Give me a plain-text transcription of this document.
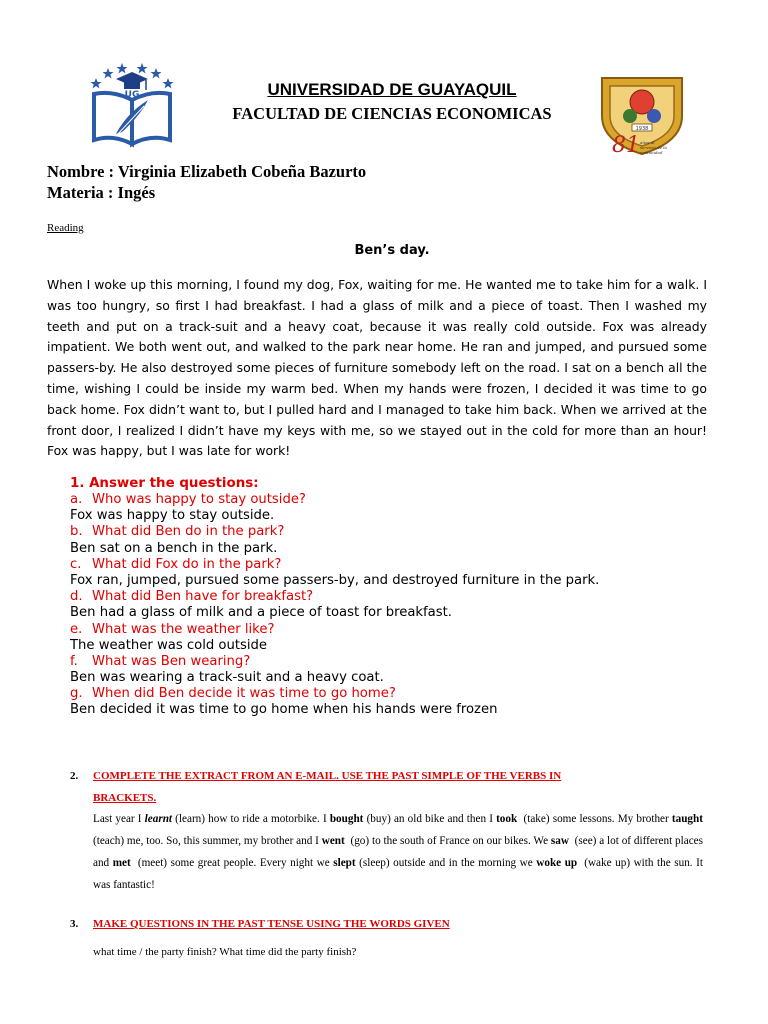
UG	UNIVERSIDAD DE GUAYAQUIL
FACULTAD DE CIENCIAS ECONOMICAS
1938
81 años al
servicio de la
comunidad
Nombre : Virginia Elizabeth Cobeña Bazurto
Materia : Ingés
Reading
Ben’s day.
When I woke up this morning, I found my dog, Fox, waiting for me. He wanted me to take him for a walk. I was too hungry, so first I had breakfast. I had a glass of milk and a piece of toast. Then I washed my teeth and put on a track-suit and a heavy coat, because it was really cold outside. Fox was already impatient. We both went out, and walked to the park near home. He ran and jumped, and pursued some passers-by. He also destroyed some pieces of furniture somebody left on the road. I sat on a bench all the time, wishing I could be inside my warm bed. When my hands were frozen, I decided it was time to go back home. Fox didn’t want to, but I pulled hard and I managed to take him back. When we arrived at the front door, I realized I didn’t have my keys with me, so we stayed out in the cold for more than an hour! Fox was happy, but I was late for work!
1. Answer the questions:
a. Who was happy to stay outside?
Fox was happy to stay outside.
b. What did Ben do in the park?
Ben sat on a bench in the park.
c. What did Fox do in the park?
Fox ran, jumped, pursued some passers-by, and destroyed furniture in the park.
d. What did Ben have for breakfast?
Ben had a glass of milk and a piece of toast for breakfast.
e. What was the weather like?
The weather was cold outside
f. What was Ben wearing?
Ben was wearing a track-suit and a heavy coat.
g. When did Ben decide it was time to go home?
Ben decided it was time to go home when his hands were frozen
2. COMPLETE THE EXTRACT FROM AN E-MAIL. USE THE PAST SIMPLE OF THE VERBS IN
BRACKETS.
Last year I learnt (learn) how to ride a motorbike. I bought (buy) an old bike and then I took  (take) some lessons. My brother taught  (teach) me, too. So, this summer, my brother and I went  (go) to the south of France on our bikes. We saw  (see) a lot of different places and met  (meet) some great people. Every night we slept (sleep) outside and in the morning we woke up  (wake up) with the sun. It was fantastic!
3. MAKE QUESTIONS IN THE PAST TENSE USING THE WORDS GIVEN
what time / the party finish? What time did the party finish?
